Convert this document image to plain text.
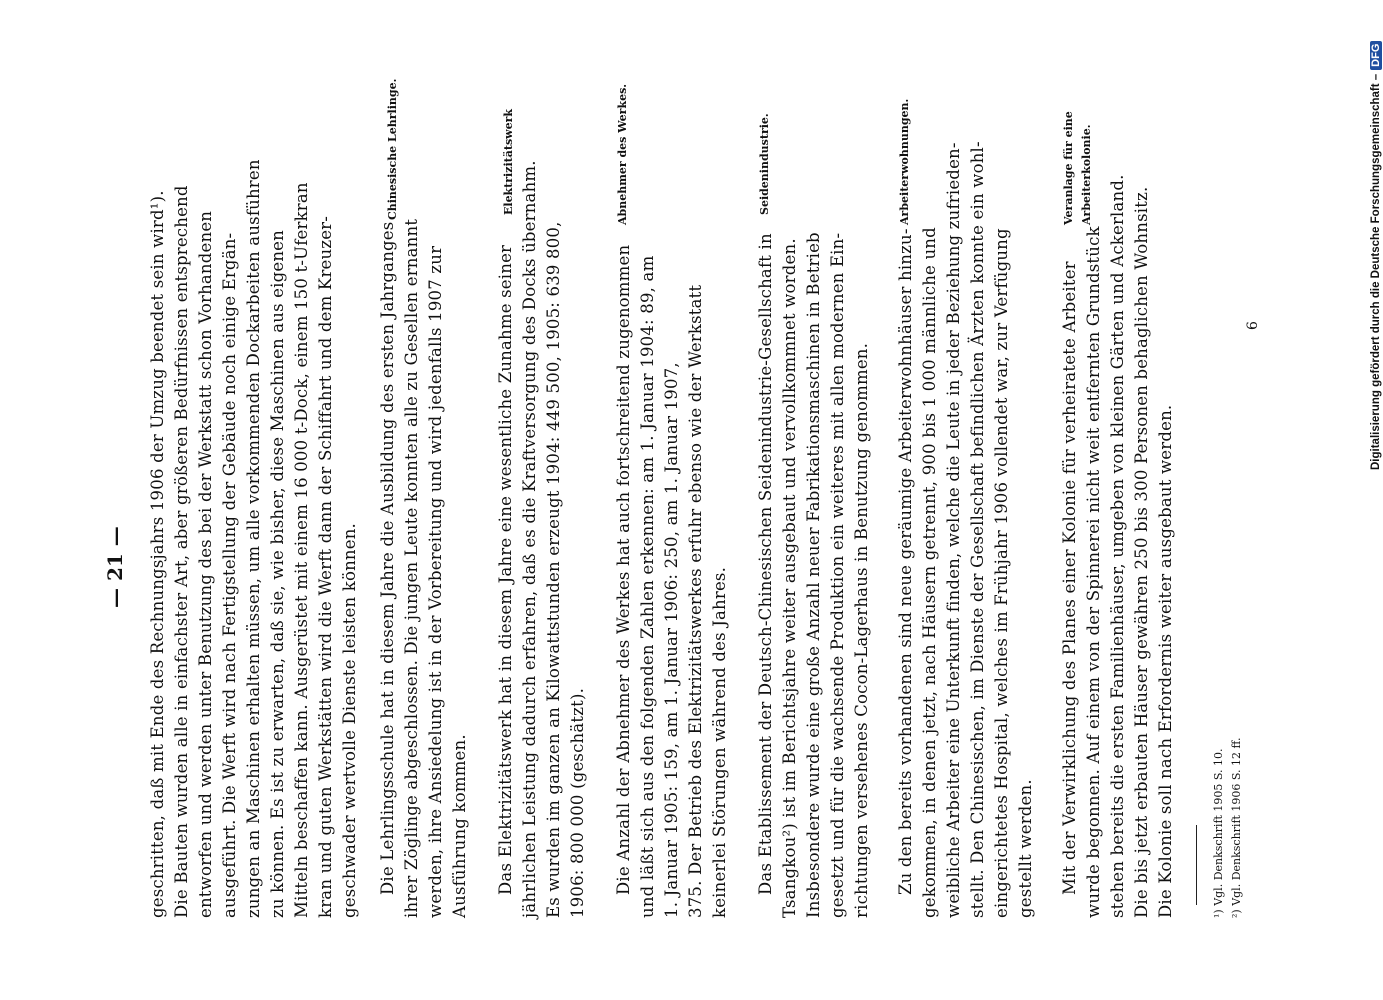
— 21 — geschritten, daß mit Ende des Rechnungsjahrs 1906 der Umzug beendet sein wird¹). Die Bauten wurden alle in einfachster Art, aber größeren Bedürfnissen entsprechend entworfen und werden unter Benutzung des bei der Werkstatt schon Vorhandenen ausgeführt. Die Werft wird nach Fertigstellung der Gebäude noch einige Ergän- zungen an Maschinen erhalten müssen, um alle vorkommenden Dockarbeiten ausführen zu können. Es ist zu erwarten, daß sie, wie bisher, diese Maschinen aus eigenen Mitteln beschaffen kann. Ausgerüstet mit einem 16 000 t-Dock, einem 150 t-Uferkran kran und guten Werkstätten wird die Werft dann der Schiffahrt und dem Kreuzer- geschwader wertvolle Dienste leisten können. Die Lehrlingsschule hat in diesem Jahre die Ausbildung des ersten Jahrganges ihrer Zöglinge abgeschlossen. Die jungen Leute konnten alle zu Gesellen ernannt werden, ihre Ansiedelung ist in der Vorbereitung und wird jedenfalls 1907 zur Ausführung kommen. Das Elektrizitätswerk hat in diesem Jahre eine wesentliche Zunahme seiner jährlichen Leistung dadurch erfahren, daß es die Kraftversorgung des Docks übernahm. Es wurden im ganzen an Kilowattstunden erzeugt 1904: 449 500, 1905: 639 800, 1906: 800 000 (geschätzt). Die Anzahl der Abnehmer des Werkes hat auch fortschreitend zugenommen und läßt sich aus den folgenden Zahlen erkennen: am 1. Januar 1904: 89, am 1. Januar 1905: 159, am 1. Januar 1906: 250, am 1. Januar 1907, 375. Der Betrieb des Elektrizitätswerkes erfuhr ebenso wie der Werkstatt keinerlei Störungen während des Jahres. Das Etablissement der Deutsch-Chinesischen Seidenindustrie-Gesellschaft in Tsangkou²) ist im Berichtsjahre weiter ausgebaut und vervollkommnet worden. Insbesondere wurde eine große Anzahl neuer Fabrikationsmaschinen in Betrieb gesetzt und für die wachsende Produktion ein weiteres mit allen modernen Ein- richtungen versehenes Cocon-Lagerhaus in Benutzung genommen. Zu den bereits vorhandenen sind neue geräumige Arbeiterwohnhäuser hinzu- gekommen, in denen jetzt, nach Häusern getrennt, 900 bis 1 000 männliche und weibliche Arbeiter eine Unterkunft finden, welche die Leute in jeder Beziehung zufrieden- stellt. Den Chinesischen, im Dienste der Gesellschaft befindlichen Ärzten konnte ein wohl- eingerichtetes Hospital, welches im Frühjahr 1906 vollendet war, zur Verfügung gestellt werden. Mit der Verwirklichung des Planes einer Kolonie für verheiratete Arbeiter wurde begonnen. Auf einem von der Spinnerei nicht weit entfernten Grundstück stehen bereits die ersten Familienhäuser, umgeben von kleinen Gärten und Ackerland. Die bis jetzt erbauten Häuser gewähren 250 bis 300 Personen behaglichen Wohnsitz. Die Kolonie soll nach Erfordernis weiter ausgebaut werden.
Chinesische Lehrlinge.	Elektrizitätswerk	Abnehmer des Werkes.	Seidenindustrie.	Arbeiterwohnungen.	Veranlage für eine Arbeiterkolonie.
¹) Vgl. Denkschrift 1905 S. 10. ²) Vgl. Denkschrift 1906 S. 12 ff.
6	Digitalisierung gefördert durch die Deutsche Forschungsgemeinschaft –DFG
